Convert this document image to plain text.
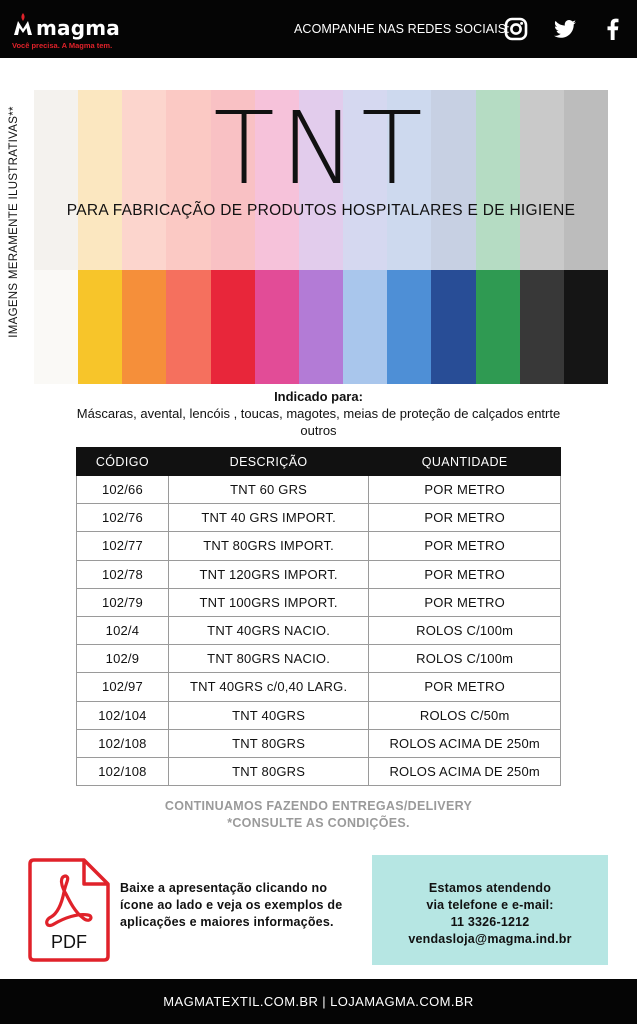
magma
Você precisa. A Magma tem.
ACOMPANHE NAS REDES SOCIAIS:
IMAGENS MERAMENTE ILUSTRATIVAS**	TNT
PARA FABRICAÇÃO DE PRODUTOS HOSPITALARES E DE HIGIENE
Indicado para:
Máscaras, avental, lencóis , toucas, magotes, meias de proteção de calçados entrte outros
CÓDIGO	DESCRIÇÃO	QUANTIDADE
102/66	TNT 60 GRS	POR METRO
102/76	TNT 40 GRS IMPORT.	POR METRO
102/77	TNT 80GRS IMPORT.	POR METRO
102/78	TNT 120GRS IMPORT.	POR METRO
102/79	TNT 100GRS IMPORT.	POR METRO
102/4	TNT 40GRS NACIO.	ROLOS C/100m
102/9	TNT 80GRS NACIO.	ROLOS C/100m
102/97	TNT 40GRS c/0,40 LARG.	POR METRO
102/104	TNT 40GRS	ROLOS C/50m
102/108	TNT 80GRS	ROLOS ACIMA DE 250m
102/108	TNT 80GRS	ROLOS ACIMA DE 250m
CONTINUAMOS FAZENDO ENTREGAS/DELIVERY
*CONSULTE AS CONDIÇÕES.
PDF
Baixe a apresentação clicando no ícone ao lado e veja os exemplos de aplicações e maiores informações.
Estamos atendendo
via telefone e e-mail:
11 3326-1212
vendasloja@magma.ind.br
MAGMATEXTIL.COM.BR | LOJAMAGMA.COM.BR
